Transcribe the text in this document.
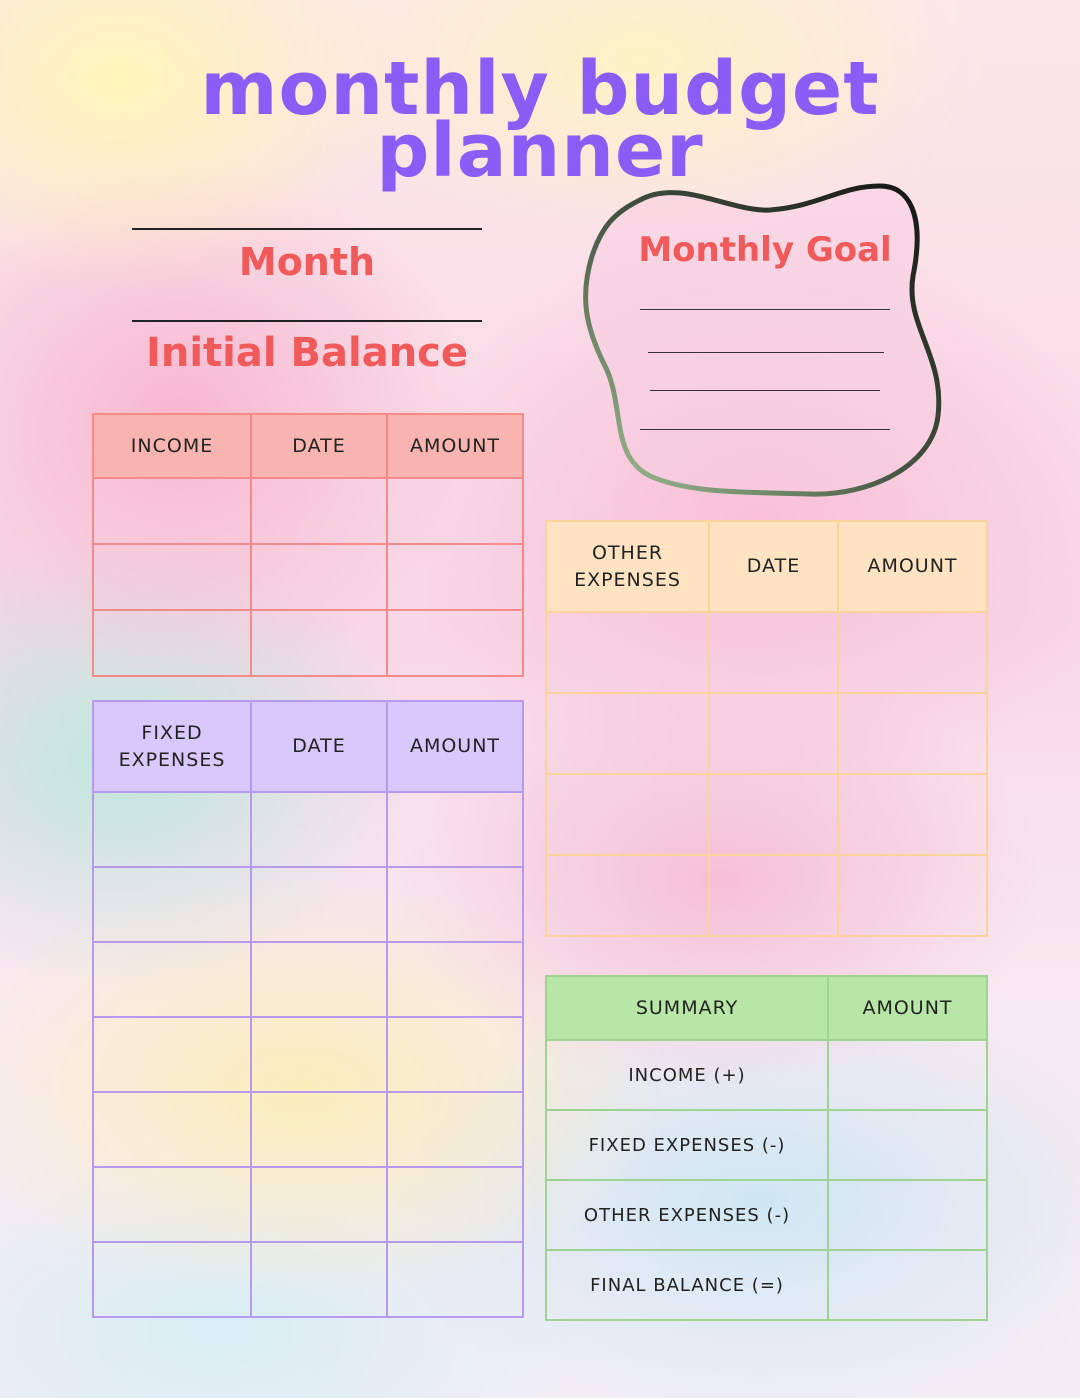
monthly budget
planner
Month
Initial Balance
Monthly Goal
INCOME	DATE	AMOUNT

FIXED
EXPENSES	DATE	AMOUNT

OTHER
EXPENSES	DATE	AMOUNT

SUMMARY	AMOUNT
INCOME (+)	
FIXED EXPENSES (-)	
OTHER EXPENSES (-)	
FINAL BALANCE (=)	
